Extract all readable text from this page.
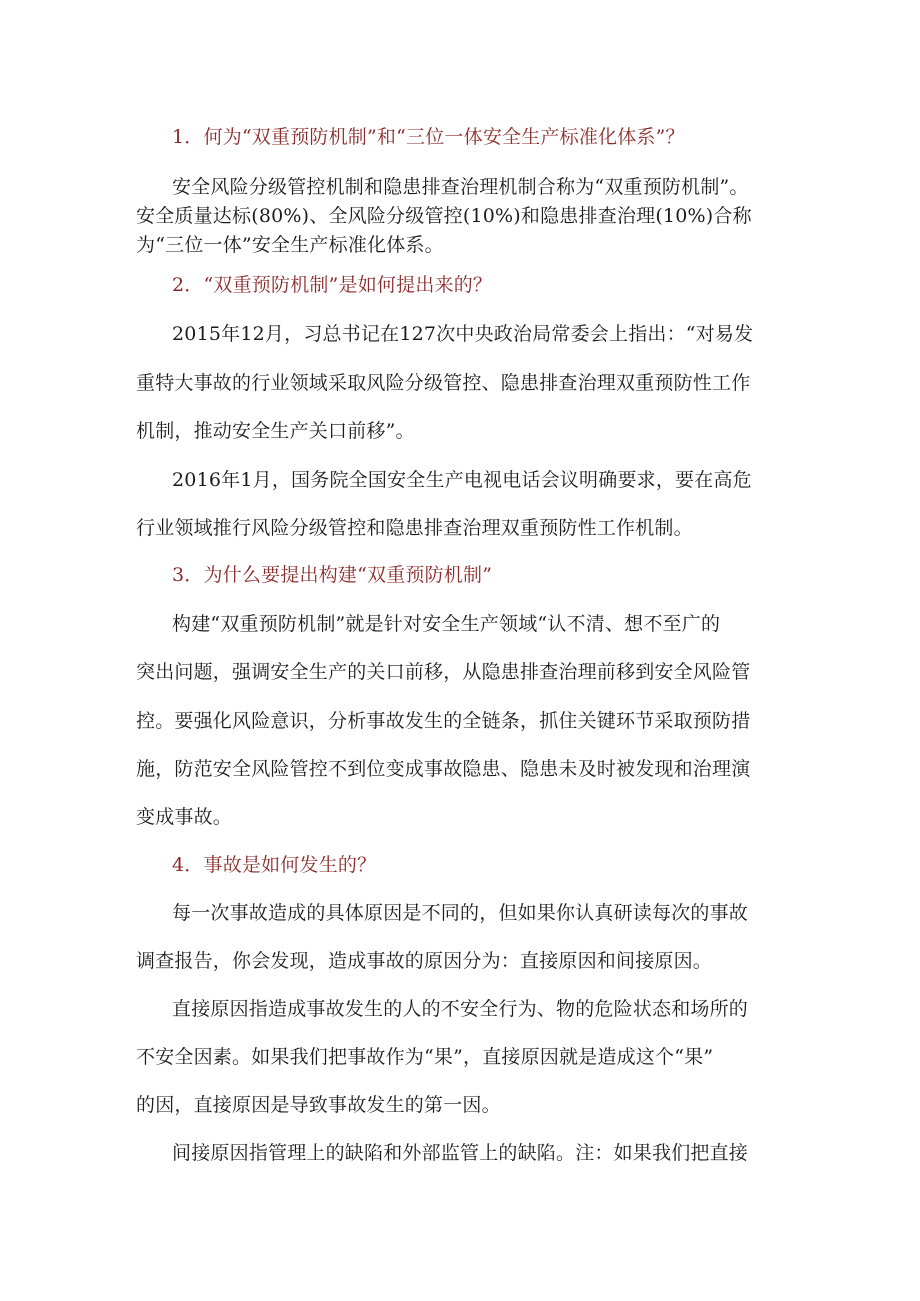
1．何为“双重预防机制”和“三位一体安全生产标准化体系”？

安全风险分级管控机制和隐患排查治理机制合称为“双重预防机制”。

安全质量达标(80%)、全风险分级管控(10%)和隐患排查治理(10%)合称

为“三位一体”安全生产标准化体系。

2．“双重预防机制”是如何提出来的？

2015年12月，习总书记在127次中央政治局常委会上指出：“对易发

重特大事故的行业领域采取风险分级管控、隐患排查治理双重预防性工作

机制，推动安全生产关口前移”。

2016年1月，国务院全国安全生产电视电话会议明确要求，要在高危

行业领域推行风险分级管控和隐患排查治理双重预防性工作机制。

3．为什么要提出构建“双重预防机制”

构建“双重预防机制”就是针对安全生产领域“认不清、想不至广的

突出问题，强调安全生产的关口前移，从隐患排查治理前移到安全风险管

控。要强化风险意识，分析事故发生的全链条，抓住关键环节采取预防措

施，防范安全风险管控不到位变成事故隐患、隐患未及时被发现和治理演

变成事故。

4．事故是如何发生的？

每一次事故造成的具体原因是不同的，但如果你认真研读每次的事故

调查报告，你会发现，造成事故的原因分为：直接原因和间接原因。

直接原因指造成事故发生的人的不安全行为、物的危险状态和场所的

不安全因素。如果我们把事故作为“果”，直接原因就是造成这个“果”

的因，直接原因是导致事故发生的第一因。

间接原因指管理上的缺陷和外部监管上的缺陷。注：如果我们把直接
